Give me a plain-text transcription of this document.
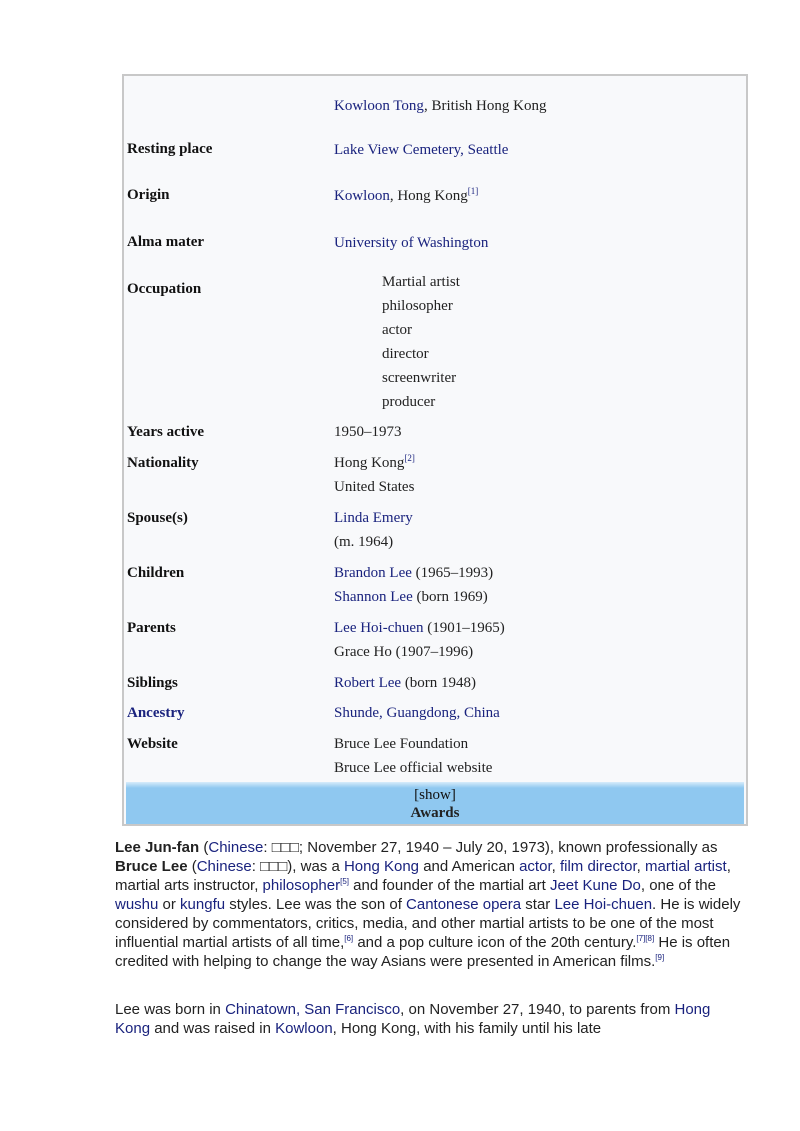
Kowloon Tong, British Hong Kong
Resting place	Lake View Cemetery, Seattle
Origin	Kowloon, Hong Kong[1]
Alma mater	University of Washington
Occupation	Martial artist
philosopher
actor
director
screenwriter
producer
Years active	1950–1973
Nationality	Hong Kong[2]
United States
Spouse(s)	Linda Emery
(m. 1964)
Children	Brandon Lee (1965–1993)
Shannon Lee (born 1969)
Parents	Lee Hoi-chuen (1901–1965)
Grace Ho (1907–1996)
Siblings	Robert Lee (born 1948)
Ancestry	Shunde, Guangdong, China
Website	Bruce Lee Foundation
Bruce Lee official website
[show]
Awards

Lee Jun-fan (Chinese: □□□; November 27, 1940 – July 20, 1973), known professionally as Bruce Lee (Chinese: □□□), was a Hong Kong and American actor, film director, martial artist, martial arts instructor, philosopher[5] and founder of the martial art Jeet Kune Do, one of the wushu or kungfu styles. Lee was the son of Cantonese opera star Lee Hoi-chuen. He is widely considered by commentators, critics, media, and other martial artists to be one of the most influential martial artists of all time,[6] and a pop culture icon of the 20th century.[7][8] He is often credited with helping to change the way Asians were presented in American films.[9]

Lee was born in Chinatown, San Francisco, on November 27, 1940, to parents from Hong Kong and was raised in Kowloon, Hong Kong, with his family until his late
